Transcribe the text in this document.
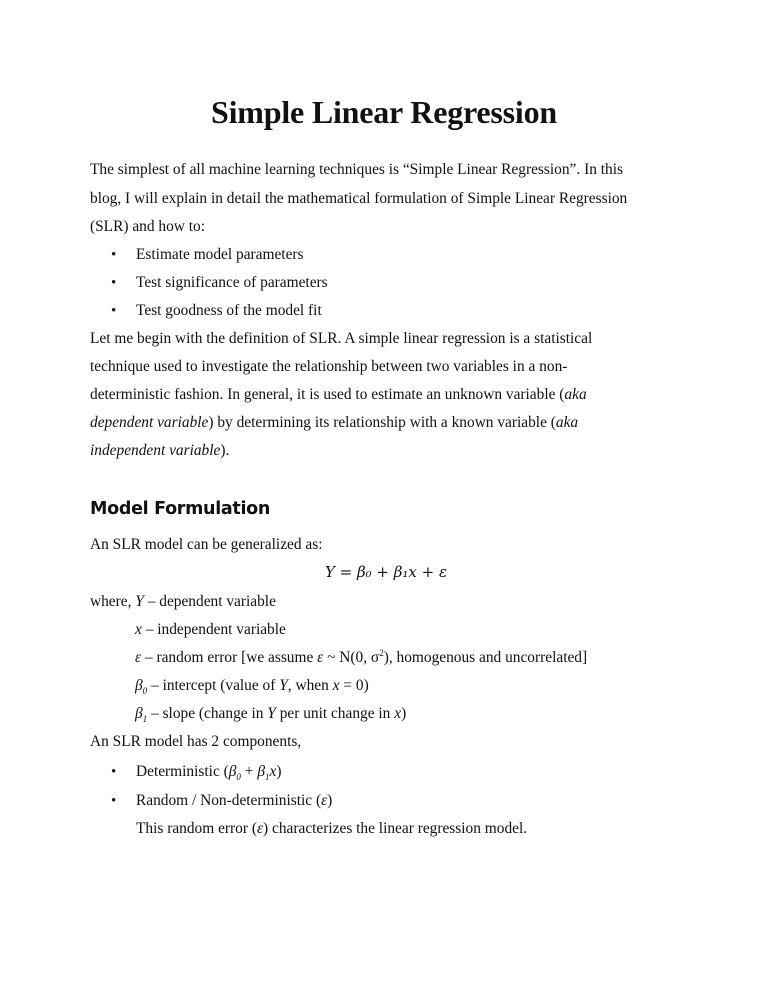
Simple Linear Regression
The simplest of all machine learning techniques is “Simple Linear Regression”. In this
blog, I will explain in detail the mathematical formulation of Simple Linear Regression
(SLR) and how to:
• Estimate model parameters
• Test significance of parameters
• Test goodness of the model fit
Let me begin with the definition of SLR. A simple linear regression is a statistical
technique used to investigate the relationship between two variables in a non-
deterministic fashion. In general, it is used to estimate an unknown variable (aka
dependent variable) by determining its relationship with a known variable (aka
independent variable).
Model Formulation
An SLR model can be generalized as:
Y = β₀ + β₁x + ε
where, Y – dependent variable
x – independent variable
ε – random error [we assume ε ~ N(0, $\sigma^2$), homogenous and uncorrelated]
$\beta_0$ – intercept (value of Y, when x = 0)
$\beta_1$ – slope (change in Y per unit change in x)
An SLR model has 2 components,
• Deterministic $(\beta_0 + \beta_1x)$
• Random / Non-deterministic (ε)
This random error (ε) characterizes the linear regression model.
